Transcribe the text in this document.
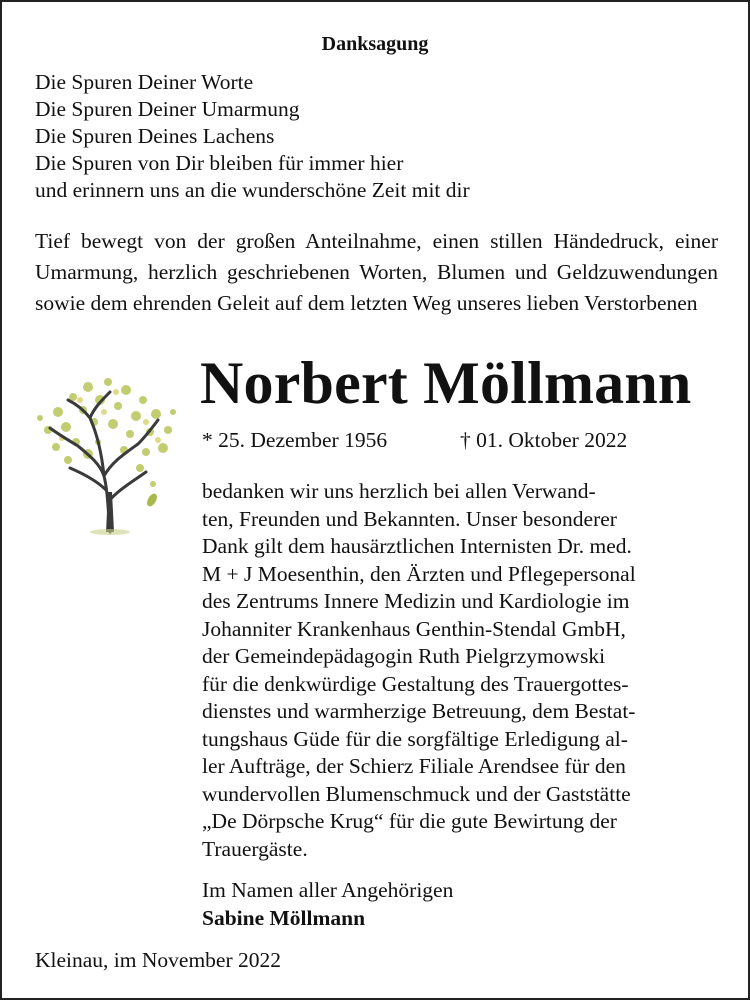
Danksagung
Die Spuren Deiner Worte
Die Spuren Deiner Umarmung
Die Spuren Deines Lachens
Die Spuren von Dir bleiben für immer hier
und erinnern uns an die wunderschöne Zeit mit dir
Tief bewegt von der großen Anteilnahme, einen stillen Händedruck, einer Umarmung, herzlich geschriebenen Worten, Blumen und Geldzuwendungen sowie dem ehrenden Geleit auf dem letzten Weg unseres lieben Verstorbenen
Norbert Möllmann
* 25. Dezember 1956	† 01. Oktober 2022
bedanken wir uns herzlich bei allen Verwand-
ten, Freunden und Bekannten. Unser besonderer
Dank gilt dem hausärztlichen Internisten Dr. med.
M + J Moesenthin, den Ärzten und Pflegepersonal
des Zentrums Innere Medizin und Kardiologie im
Johanniter Krankenhaus Genthin-Stendal GmbH,
der Gemeindepädagogin Ruth Pielgrzymowski
für die denkwürdige Gestaltung des Trauergottes-
dienstes und warmherzige Betreuung, dem Bestat-
tungshaus Güde für die sorgfältige Erledigung al-
ler Aufträge, der Schierz Filiale Arendsee für den
wundervollen Blumenschmuck und der Gaststätte
„De Dörpsche Krug“ für die gute Bewirtung der
Trauergäste.
Im Namen aller Angehörigen
Sabine Möllmann
Kleinau, im November 2022
